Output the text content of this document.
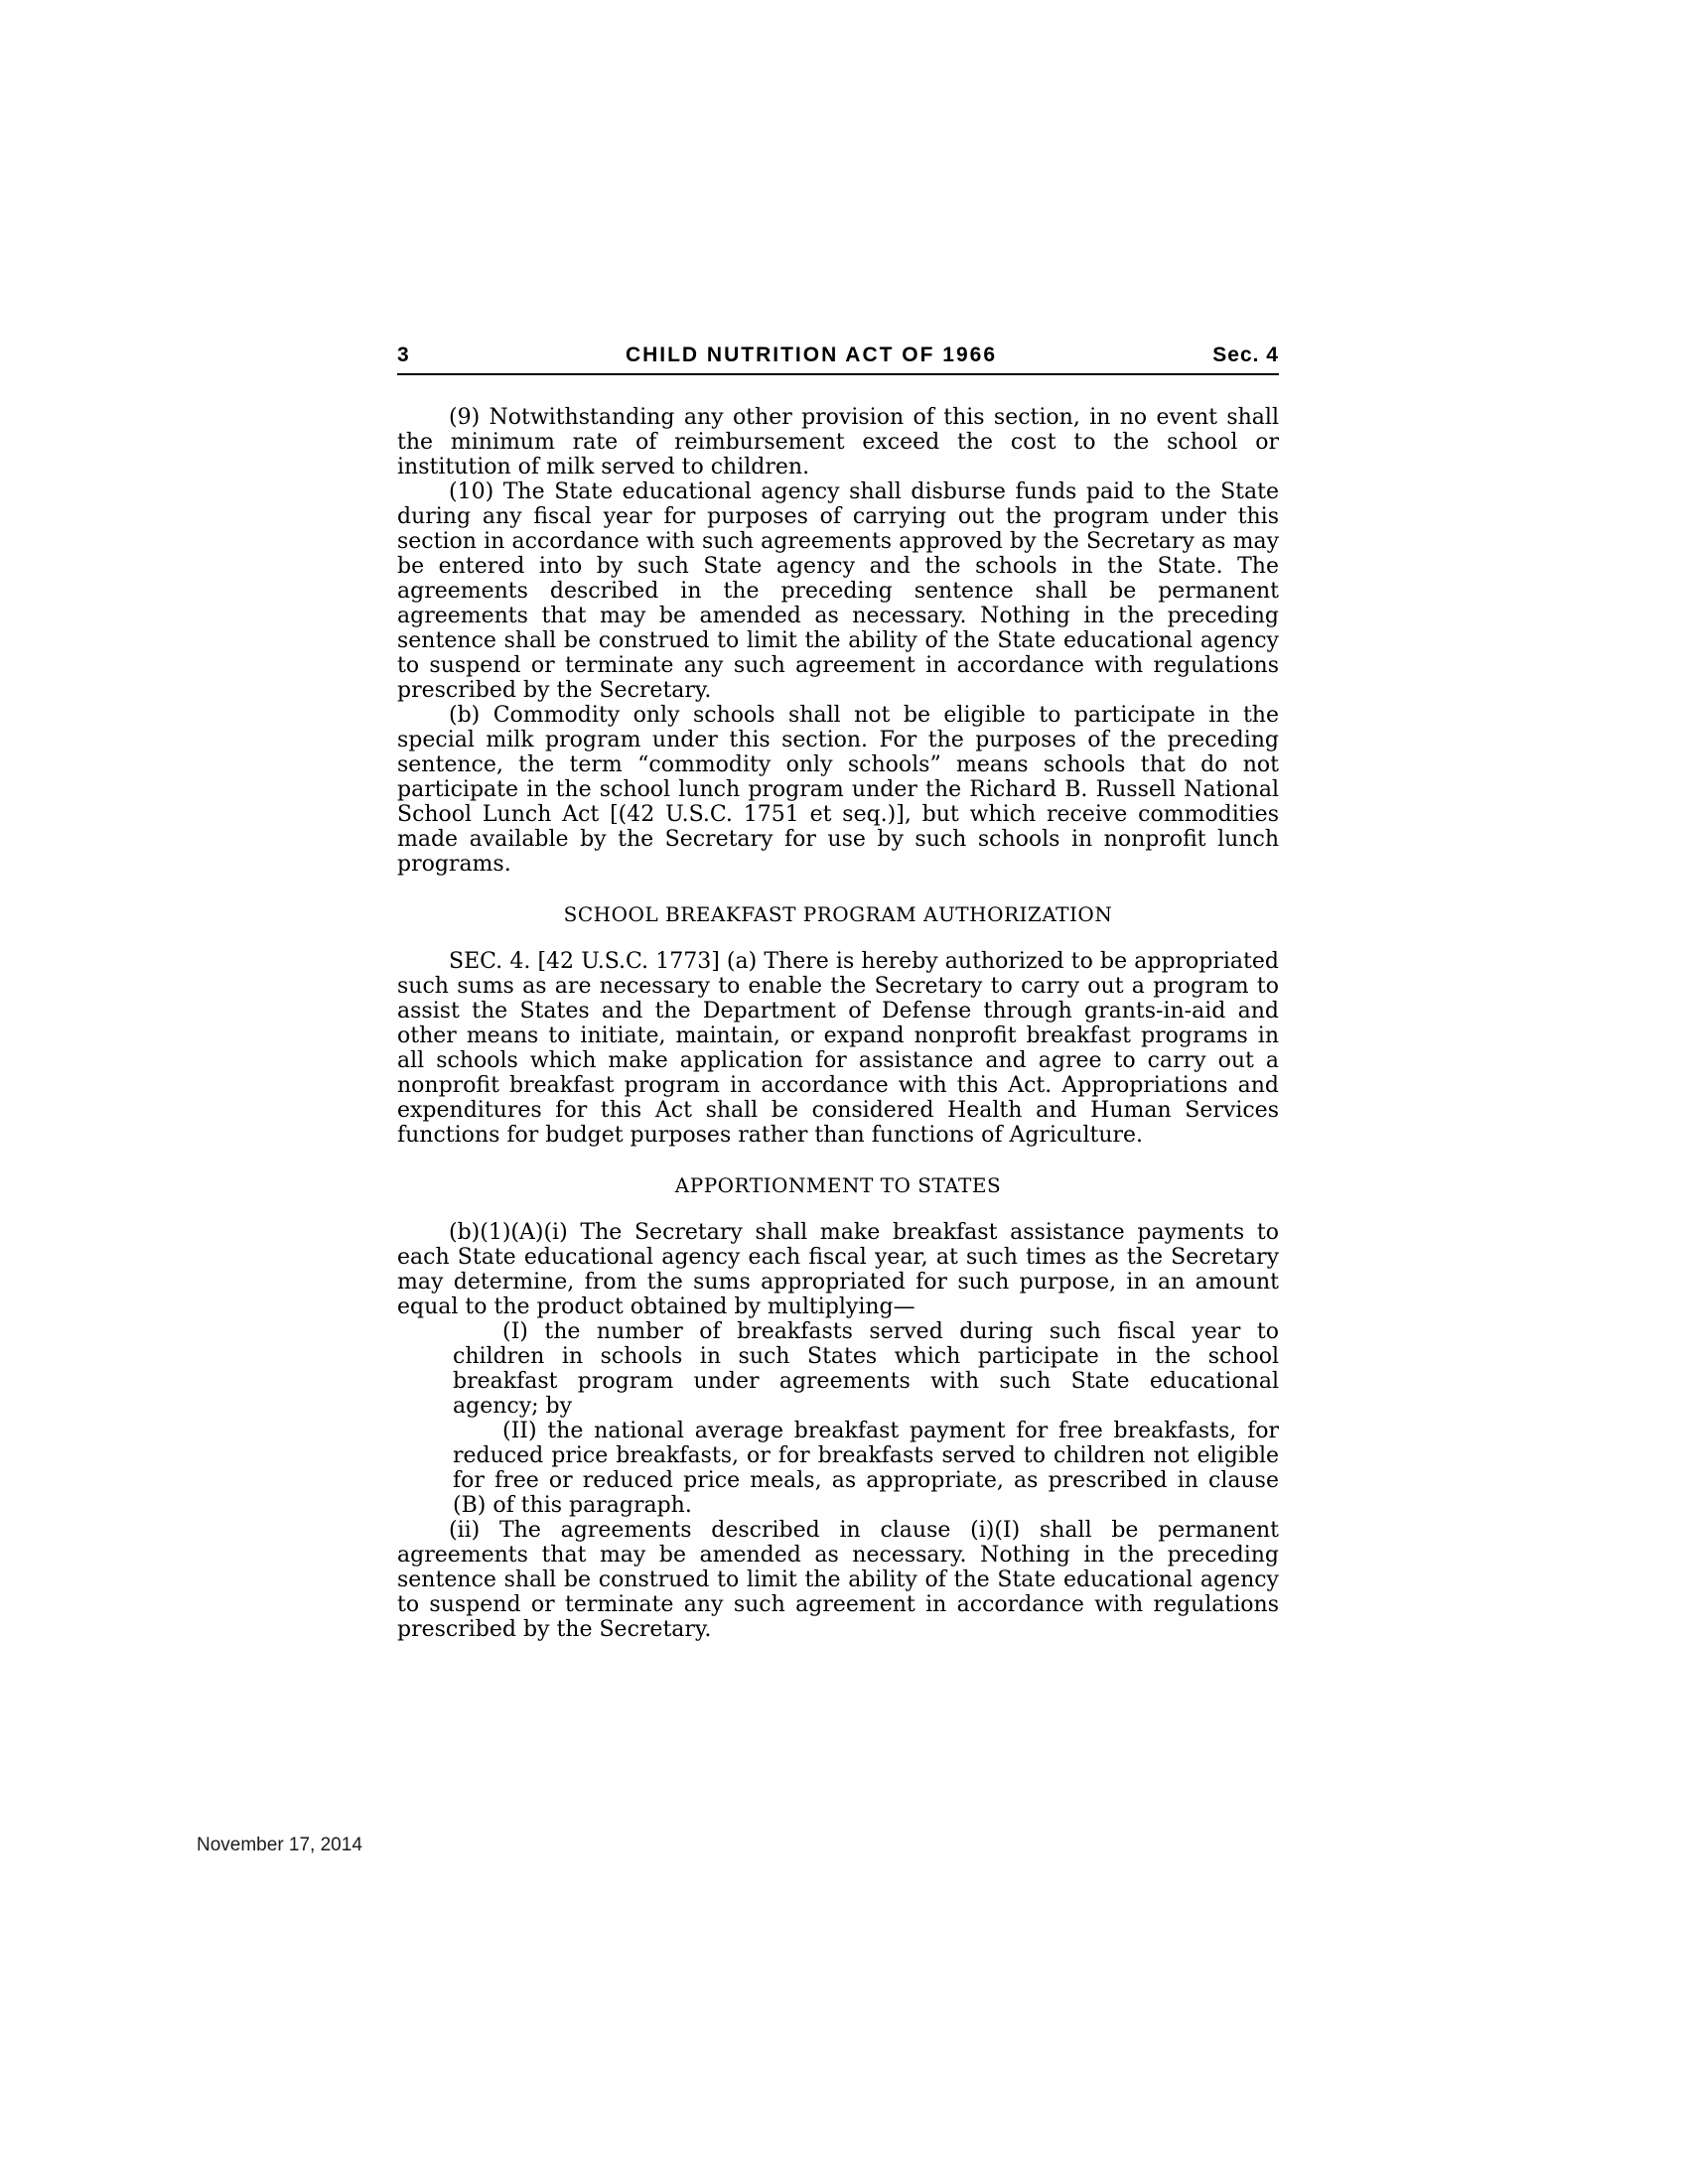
3	CHILD NUTRITION ACT OF 1966	Sec. 4

(9) Notwithstanding any other provision of this section, in no event shall the minimum rate of reimbursement exceed the cost to the school or institution of milk served to children.

(10) The State educational agency shall disburse funds paid to the State during any fiscal year for purposes of carrying out the program under this section in accordance with such agreements approved by the Secretary as may be entered into by such State agency and the schools in the State. The agreements described in the preceding sentence shall be permanent agreements that may be amended as necessary. Nothing in the preceding sentence shall be construed to limit the ability of the State educational agency to suspend or terminate any such agreement in accordance with regulations prescribed by the Secretary.

(b) Commodity only schools shall not be eligible to participate in the special milk program under this section. For the purposes of the preceding sentence, the term “commodity only schools” means schools that do not participate in the school lunch program under the Richard B. Russell National School Lunch Act [(42 U.S.C. 1751 et seq.)], but which receive commodities made available by the Secretary for use by such schools in nonprofit lunch programs.

SCHOOL BREAKFAST PROGRAM AUTHORIZATION

SEC. 4. [42 U.S.C. 1773] (a) There is hereby authorized to be appropriated such sums as are necessary to enable the Secretary to carry out a program to assist the States and the Department of Defense through grants-in-aid and other means to initiate, maintain, or expand nonprofit breakfast programs in all schools which make application for assistance and agree to carry out a nonprofit breakfast program in accordance with this Act. Appropriations and expenditures for this Act shall be considered Health and Human Services functions for budget purposes rather than functions of Agriculture.

APPORTIONMENT TO STATES

(b)(1)(A)(i) The Secretary shall make breakfast assistance payments to each State educational agency each fiscal year, at such times as the Secretary may determine, from the sums appropriated for such purpose, in an amount equal to the product obtained by multiplying—

(I) the number of breakfasts served during such fiscal year to children in schools in such States which participate in the school breakfast program under agreements with such State educational agency; by

(II) the national average breakfast payment for free breakfasts, for reduced price breakfasts, or for breakfasts served to children not eligible for free or reduced price meals, as appropriate, as prescribed in clause (B) of this paragraph.

(ii) The agreements described in clause (i)(I) shall be permanent agreements that may be amended as necessary. Nothing in the preceding sentence shall be construed to limit the ability of the State educational agency to suspend or terminate any such agreement in accordance with regulations prescribed by the Secretary.

November 17, 2014
